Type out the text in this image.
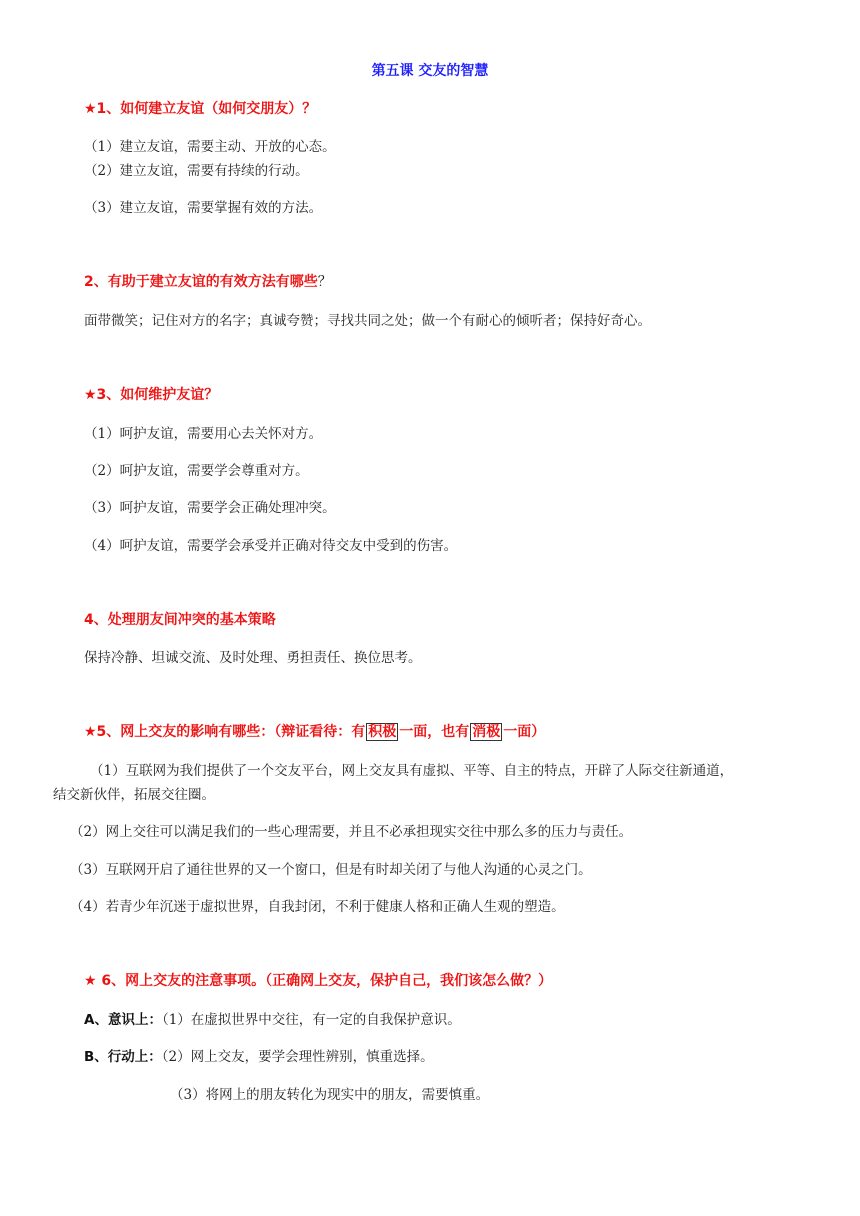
第五课 交友的智慧
★1、如何建立友谊（如何交朋友）？
（1）建立友谊，需要主动、开放的心态。
（2）建立友谊，需要有持续的行动。
（3）建立友谊，需要掌握有效的方法。
2、有助于建立友谊的有效方法有哪些？
面带微笑；记住对方的名字；真诚夸赞；寻找共同之处；做一个有耐心的倾听者；保持好奇心。
★3、如何维护友谊？
（1）呵护友谊，需要用心去关怀对方。
（2）呵护友谊，需要学会尊重对方。
（3）呵护友谊，需要学会正确处理冲突。
（4）呵护友谊，需要学会承受并正确对待交友中受到的伤害。
4、处理朋友间冲突的基本策略
保持冷静、坦诚交流、及时处理、勇担责任、换位思考。
★5、网上交友的影响有哪些：（辩证看待：有 积极 一面，也有 消极 一面）
（1）互联网为我们提供了一个交友平台，网上交友具有虚拟、平等、自主的特点，开辟了人际交往新通道，
结交新伙伴，拓展交往圈。
（2）网上交往可以满足我们的一些心理需要，并且不必承担现实交往中那么多的压力与责任。
（3）互联网开启了通往世界的又一个窗口，但是有时却关闭了与他人沟通的心灵之门。
（4）若青少年沉迷于虚拟世界，自我封闭，不利于健康人格和正确人生观的塑造。
★ 6、网上交友的注意事项。（正确网上交友，保护自己，我们该怎么做？）
A、意识上：（1）在虚拟世界中交往，有一定的自我保护意识。
B、行动上：（2）网上交友，要学会理性辨别，慎重选择。
（3）将网上的朋友转化为现实中的朋友，需要慎重。
